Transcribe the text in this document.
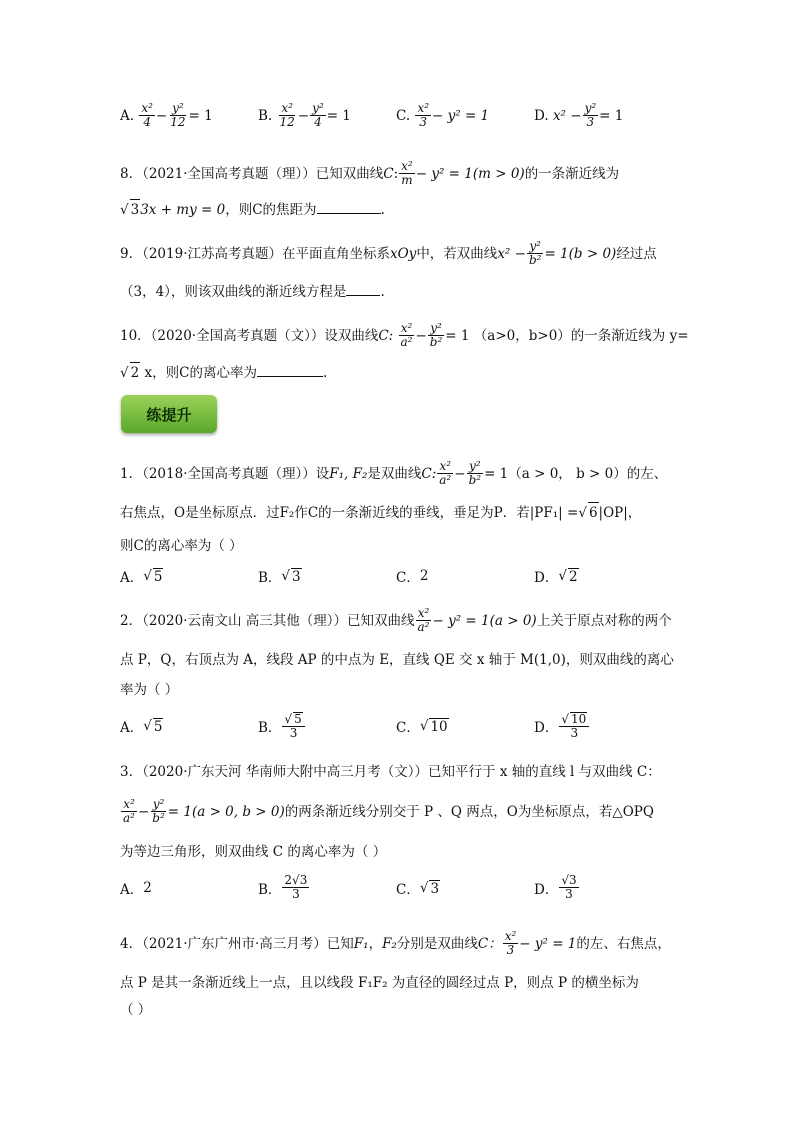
A.
$\frac{\text{x²}}{4} - \frac{\text{y²}}{12} = 1$	B.
$\frac{\text{x²}}{12} - \frac{\text{y²}}{4} = 1$	C.
$\frac{\text{x²}}{3} - y^2 = 1$	D.
$x^2 - \frac{\text{y²}}{3} = 1$
8．（2021·全国高考真题（理））已知双曲线 C : $\frac{\text{x²}}{m} - y^2 = 1(m > 0)$ 的一条渐近线为
√ 33x + my = 0，则C的焦距为	.
9．（2019·江苏高考真题）在平面直角坐标系 xOy 中，若双曲线 $x^2 - \frac{\text{y²}}{\text{b²}} = 1(b > 0)$ 经过点
（3，4），则该双曲线的渐近线方程是	.
10．（2020·全国高考真题（文））设双曲线 C:
$\frac{\text{x²}}{\text{a²}} - \frac{\text{y²}}{\text{b²}} = 1$
（a>0，b>0）的一条渐近线为 y=
√ 2 x，则C的离心率为	.
练提升
1．（2018·全国高考真题（理））设 F₁, F₂ 是双曲线 C: $\frac{\text{x²}}{\text{a²}} - \frac{\text{y²}}{\text{b²}} = 1$ （a > 0， b > 0）的左、
右焦点，O是坐标原点．过F₂作C的一条渐近线的垂线，垂足为P．若|PF₁| =√ 6|OP|，
则C的离心率为（ ）
A． √ 5	B． √ 3	C． 2	D． √ 2
2．（2020·云南文山 高三其他（理））已知双曲线 $\frac{\text{x²}}{\text{a²}} - y^2 = 1(a > 0)$ 上关于原点对称的两个
点 P，Q，右顶点为 A，线段 AP 的中点为 E，直线 QE 交 x 轴于 M(1,0)，则双曲线的离心
率为（ ）
A． √ 5	B． $\frac{√ 5}{3}$	C． √ 10	D． $\frac{√ 10}{3}$
3．（2020·广东天河 华南师大附中高三月考（文））已知平行于 x 轴的直线 l 与双曲线 C：
$\frac{\text{x²}}{\text{a²}} - \frac{\text{y²}}{\text{b²}} = 1(a > 0$, b > 0) 的两条渐近线分别交于 P 、Q 两点，O为坐标原点，若△OPQ
为等边三角形，则双曲线 C 的离心率为（ ）
A． 2	B． $\frac{2√3}{3}$	C． √ 3	D． $\frac{√3}{3}$
4．（2021·广东广州市·高三月考）已知 F₁ ， F₂ 分别是双曲线 C： $\frac{\text{x²}}{3} - y^2 = 1$ 的左、右焦点，
点 P 是其一条渐近线上一点，且以线段 F₁F₂ 为直径的圆经过点 P，则点 P 的横坐标为
（ ）
